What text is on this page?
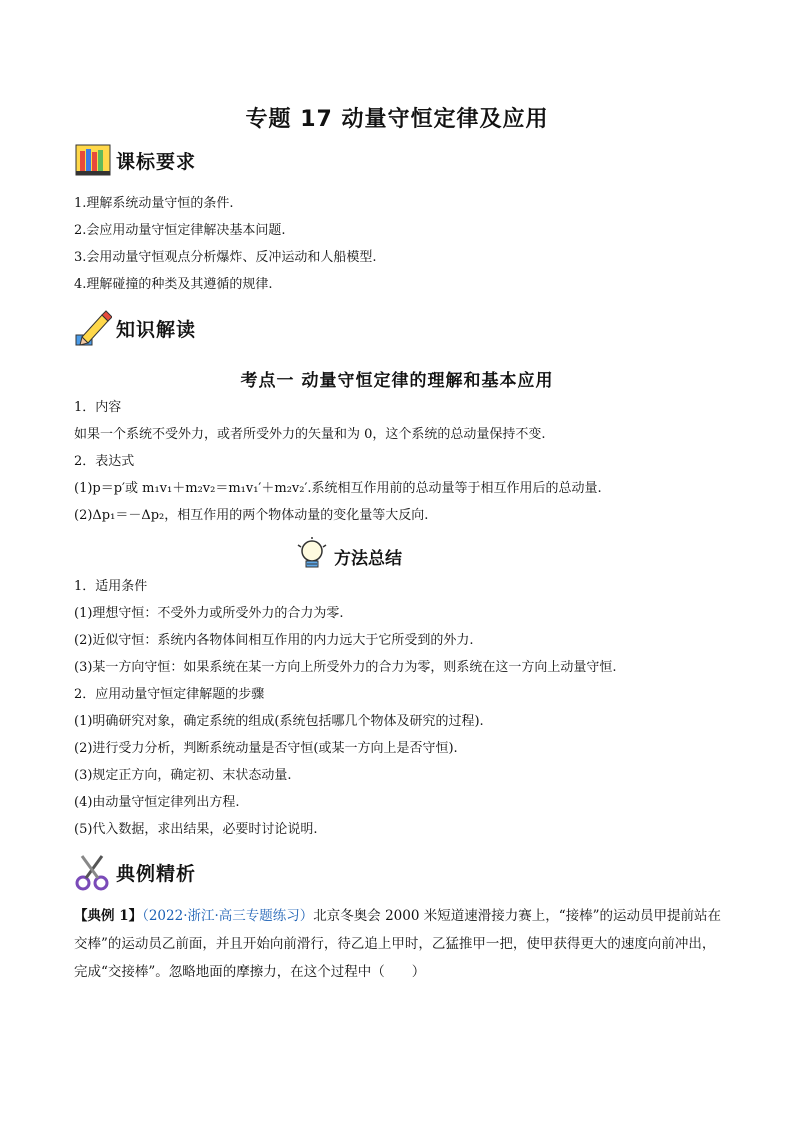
专题 17 动量守恒定律及应用
课标要求
1.理解系统动量守恒的条件.
2.会应用动量守恒定律解决基本问题.
3.会用动量守恒观点分析爆炸、反冲运动和人船模型.
4.理解碰撞的种类及其遵循的规律.
知识解读
考点一 动量守恒定律的理解和基本应用
1．内容
如果一个系统不受外力，或者所受外力的矢量和为 0，这个系统的总动量保持不变.
2．表达式
(1)p＝p′或 m₁v₁＋m₂v₂＝m₁v₁′＋m₂v₂′.系统相互作用前的总动量等于相互作用后的总动量.
(2)Δp₁＝－Δp₂，相互作用的两个物体动量的变化量等大反向.
方法总结
1．适用条件
(1)理想守恒：不受外力或所受外力的合力为零.
(2)近似守恒：系统内各物体间相互作用的内力远大于它所受到的外力.
(3)某一方向守恒：如果系统在某一方向上所受外力的合力为零，则系统在这一方向上动量守恒.
2．应用动量守恒定律解题的步骤
(1)明确研究对象，确定系统的组成(系统包括哪几个物体及研究的过程).
(2)进行受力分析，判断系统动量是否守恒(或某一方向上是否守恒).
(3)规定正方向，确定初、末状态动量.
(4)由动量守恒定律列出方程.
(5)代入数据，求出结果，必要时讨论说明.
典例精析
【典例 1】（2022·浙江·高三专题练习）北京冬奥会 2000 米短道速滑接力赛上，“接棒”的运动员甲提前站在交棒”的运动员乙前面，并且开始向前滑行，待乙追上甲时，乙猛推甲一把，使甲获得更大的速度向前冲出，完成“交接棒”。忽略地面的摩擦力，在这个过程中（　　）
